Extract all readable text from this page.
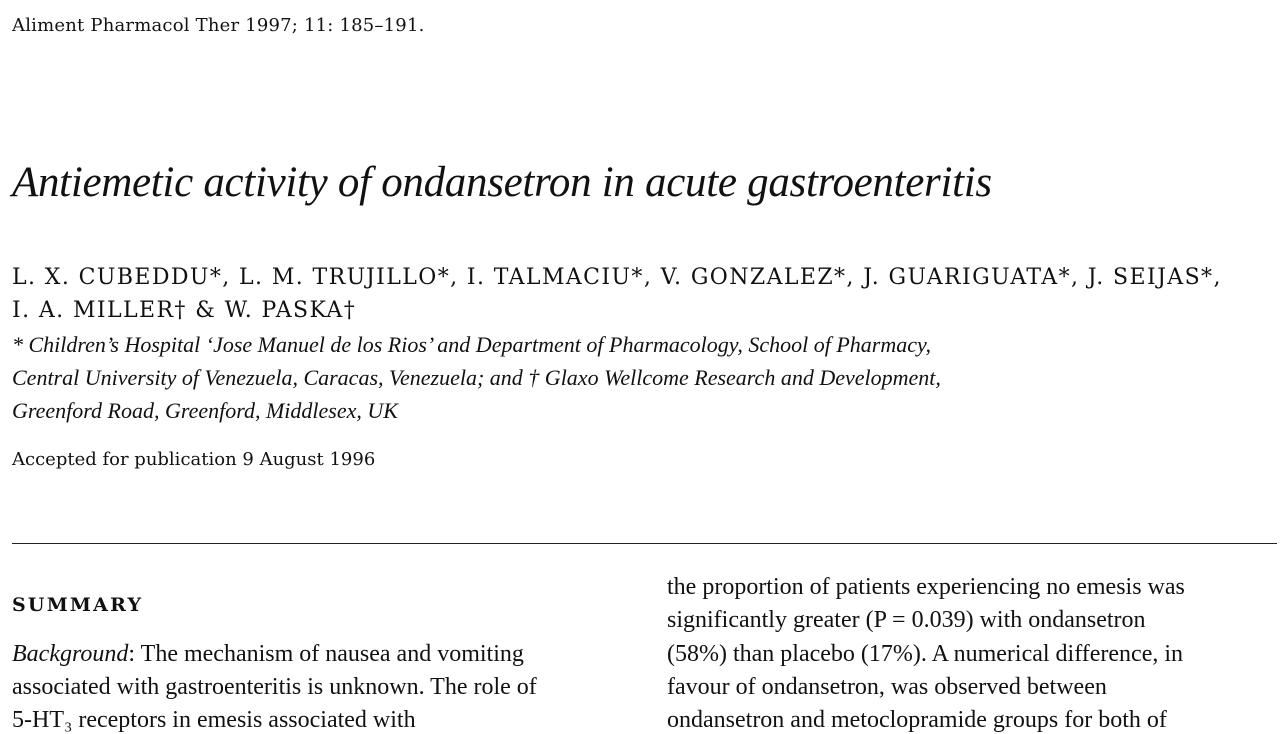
Aliment Pharmacol Ther 1997; 11: 185–191.
Antiemetic activity of ondansetron in acute gastroenteritis
L. X. CUBEDDU*, L. M. TRUJILLO*, I. TALMACIU*, V. GONZALEZ*, J. GUARIGUATA*, J. SEIJAS*,
I. A. MILLER† & W. PASKA†
* Children’s Hospital ‘Jose Manuel de los Rios’ and Department of Pharmacology, School of Pharmacy,
Central University of Venezuela, Caracas, Venezuela; and † Glaxo Wellcome Research and Development,
Greenford Road, Greenford, Middlesex, UK
Accepted for publication 9 August 1996
SUMMARY
Background: The mechanism of nausea and vomiting
associated with gastroenteritis is unknown. The role of
5-HT₃ receptors in emesis associated with
the proportion of patients experiencing no emesis was
significantly greater (P = 0.039) with ondansetron
(58%) than placebo (17%). A numerical difference, in
favour of ondansetron, was observed between
ondansetron and metoclopramide groups for both of
